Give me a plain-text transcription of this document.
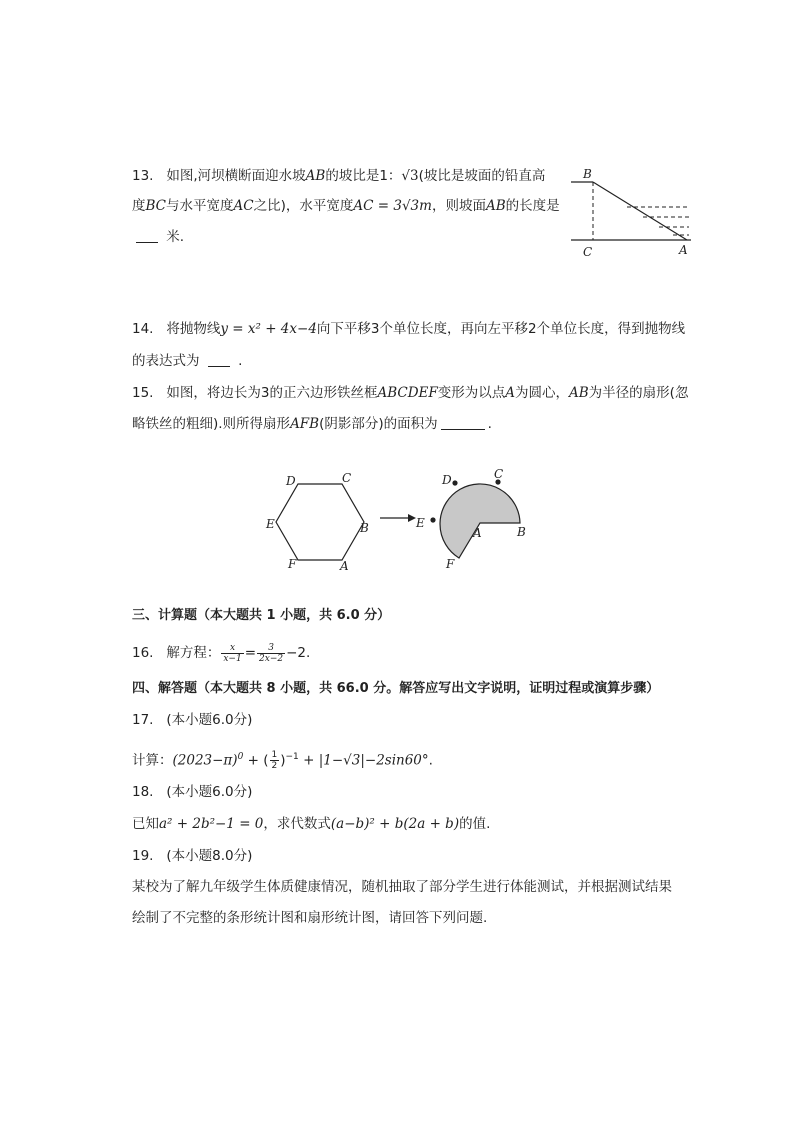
13. 如图,河坝横断面迎水坡AB的坡比是1：√3(坡比是坡面的铅直高
度BC与水平宽度AC之比)，水平宽度AC = 3√3m，则坡面AB的长度是
米.
B
C	A
14. 将抛物线y = x² + 4x−4向下平移3个单位长度，再向左平移2个单位长度，得到抛物线
的表达式为	.
15. 如图，将边长为3的正六边形铁丝框ABCDEF变形为以点A为圆心，AB为半径的扇形(忽
略铁丝的粗细).则所得扇形AFB(阴影部分)的面积为	.
D	C
E	B
F	A
D	C
E
A	B
F
三、计算题（本大题共 1 小题，共 6.0 分）
16. 解方程： $\frac{x}{x-1} = \frac{3}{2x-2} -2$.
四、解答题（本大题共 8 小题，共 66.0 分。解答应写出文字说明，证明过程或演算步骤）
17. (本小题6.0分)
计算：$(2023-\pi)^0$ + ( $\frac{1}{2} )^{-1} + |1-√3|-2\sin 60^\circ$.
18. (本小题6.0分)
已知a² + 2b²−1 = 0，求代数式(a−b)² + b(2a + b)的值.
19. (本小题8.0分)
某校为了解九年级学生体质健康情况，随机抽取了部分学生进行体能测试，并根据测试结果
绘制了不完整的条形统计图和扇形统计图，请回答下列问题.
